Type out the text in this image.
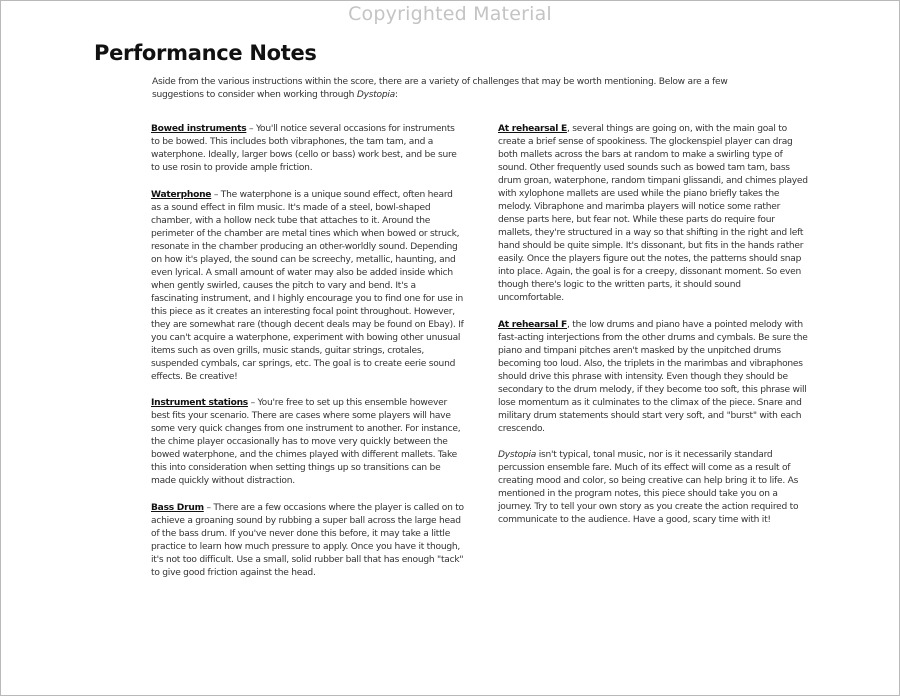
Copyrighted Material
Performance Notes

Aside from the various instructions within the score, there are a variety of challenges that may be worth mentioning. Below are a few suggestions to consider when working through Dystopia:

Bowed instruments – You'll notice several occasions for instruments to be bowed. This includes both vibraphones, the tam tam, and a waterphone. Ideally, larger bows (cello or bass) work best, and be sure to use rosin to provide ample friction.

Waterphone – The waterphone is a unique sound effect, often heard as a sound effect in film music. It's made of a steel, bowl-shaped chamber, with a hollow neck tube that attaches to it. Around the perimeter of the chamber are metal tines which when bowed or struck, resonate in the chamber producing an other-worldly sound. Depending on how it's played, the sound can be screechy, metallic, haunting, and even lyrical. A small amount of water may also be added inside which when gently swirled, causes the pitch to vary and bend. It's a fascinating instrument, and I highly encourage you to find one for use in this piece as it creates an interesting focal point throughout. However, they are somewhat rare (though decent deals may be found on Ebay). If you can't acquire a waterphone, experiment with bowing other unusual items such as oven grills, music stands, guitar strings, crotales, suspended cymbals, car springs, etc. The goal is to create eerie sound effects. Be creative!

Instrument stations – You're free to set up this ensemble however best fits your scenario. There are cases where some players will have some very quick changes from one instrument to another. For instance, the chime player occasionally has to move very quickly between the bowed waterphone, and the chimes played with different mallets. Take this into consideration when setting things up so transitions can be made quickly without distraction.

Bass Drum – There are a few occasions where the player is called on to achieve a groaning sound by rubbing a super ball across the large head of the bass drum. If you've never done this before, it may take a little practice to learn how much pressure to apply. Once you have it though, it's not too difficult. Use a small, solid rubber ball that has enough "tack" to give good friction against the head.

At rehearsal E, several things are going on, with the main goal to create a brief sense of spookiness. The glockenspiel player can drag both mallets across the bars at random to make a swirling type of sound. Other frequently used sounds such as bowed tam tam, bass drum groan, waterphone, random timpani glissandi, and chimes played with xylophone mallets are used while the piano briefly takes the melody. Vibraphone and marimba players will notice some rather dense parts here, but fear not. While these parts do require four mallets, they're structured in a way so that shifting in the right and left hand should be quite simple. It's dissonant, but fits in the hands rather easily. Once the players figure out the notes, the patterns should snap into place. Again, the goal is for a creepy, dissonant moment. So even though there's logic to the written parts, it should sound uncomfortable.

At rehearsal F, the low drums and piano have a pointed melody with fast-acting interjections from the other drums and cymbals. Be sure the piano and timpani pitches aren't masked by the unpitched drums becoming too loud. Also, the triplets in the marimbas and vibraphones should drive this phrase with intensity. Even though they should be secondary to the drum melody, if they become too soft, this phrase will lose momentum as it culminates to the climax of the piece. Snare and military drum statements should start very soft, and "burst" with each crescendo.

Dystopia isn't typical, tonal music, nor is it necessarily standard percussion ensemble fare. Much of its effect will come as a result of creating mood and color, so being creative can help bring it to life. As mentioned in the program notes, this piece should take you on a journey. Try to tell your own story as you create the action required to communicate to the audience. Have a good, scary time with it!
